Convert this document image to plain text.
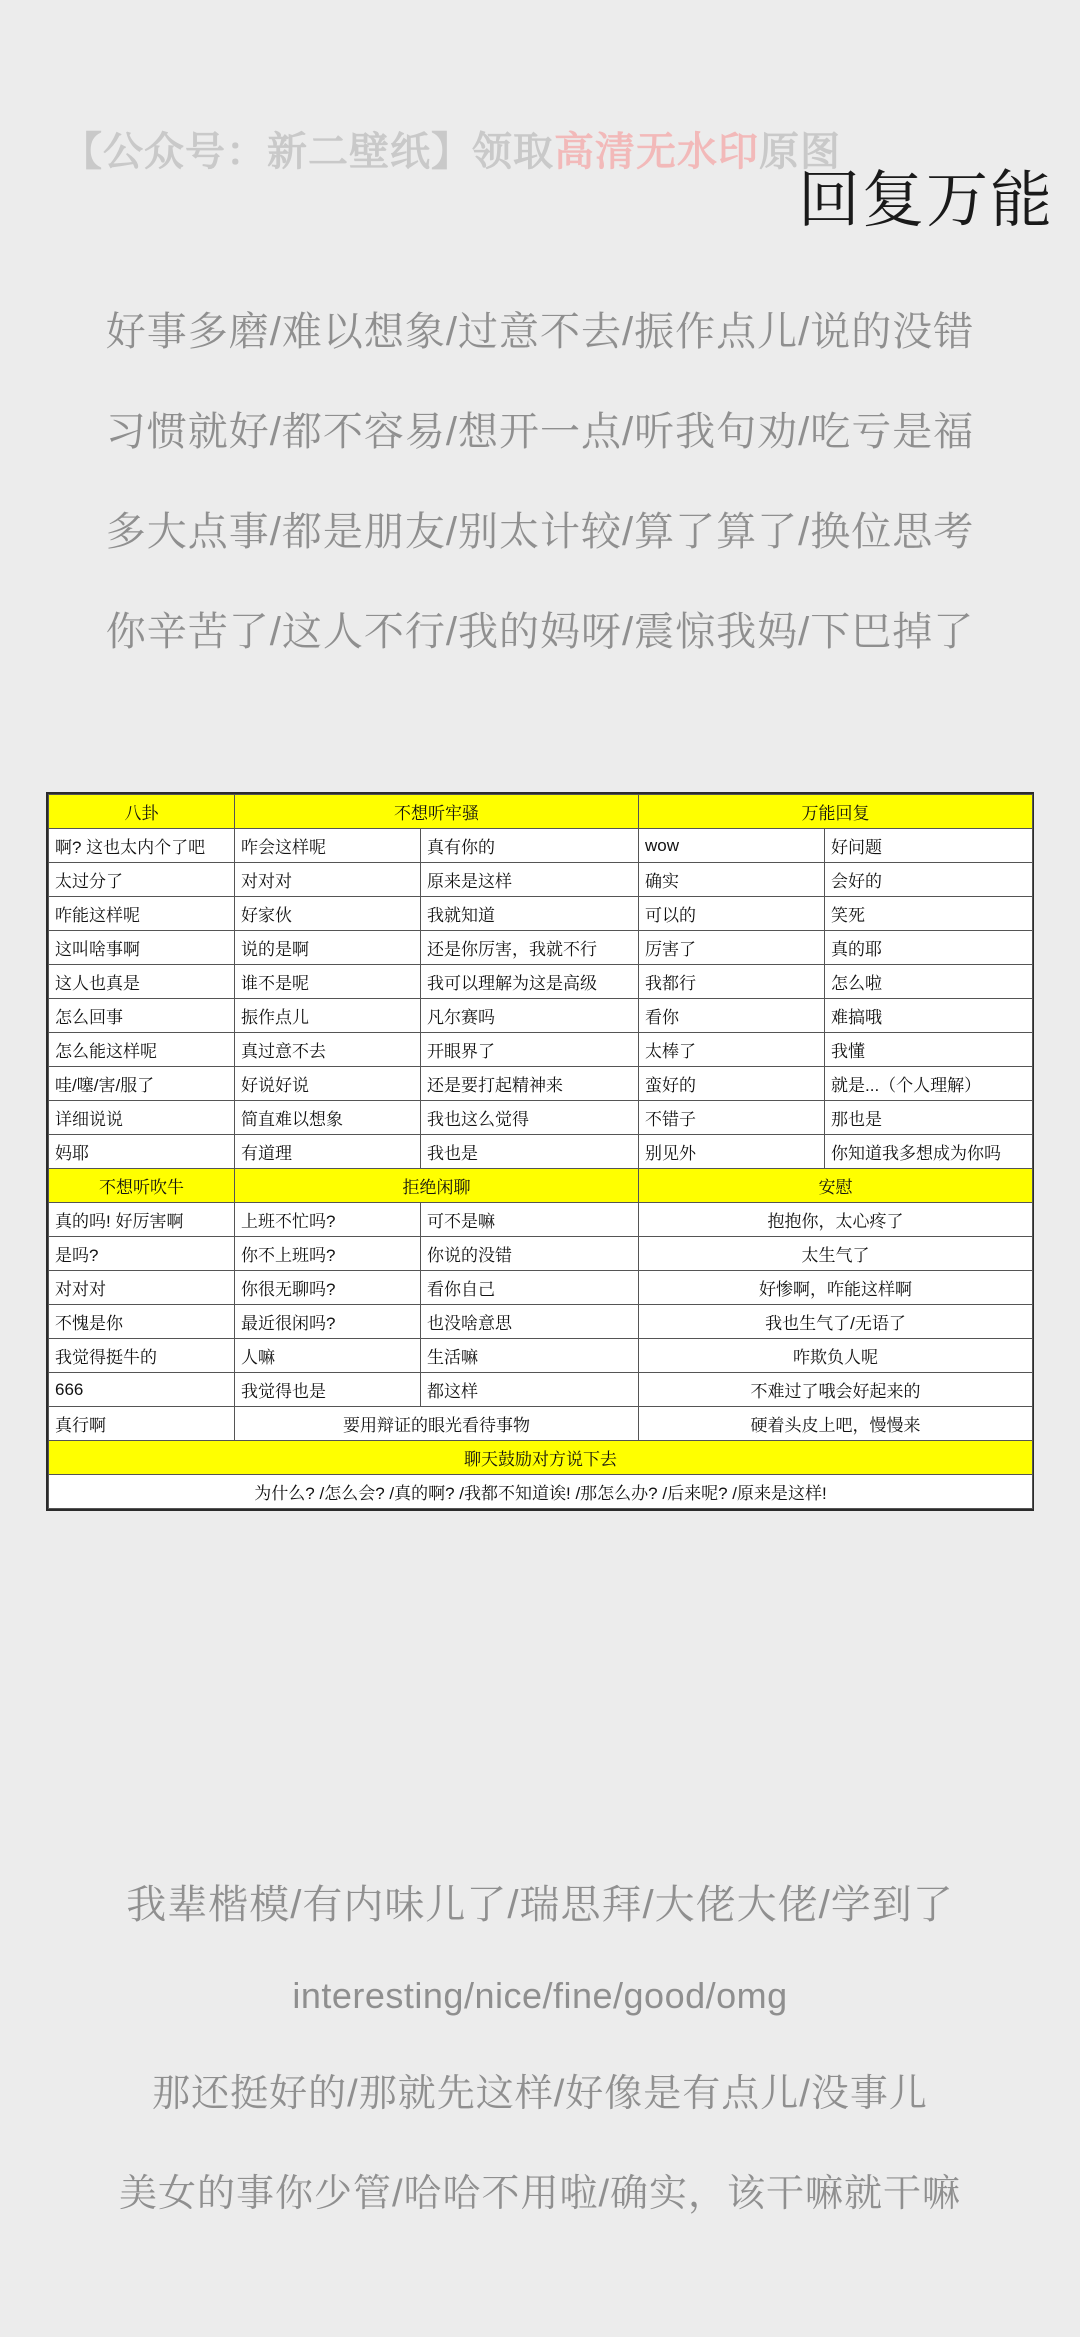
【公众号：新二壁纸】领取高清无水印原图
回复万能
好事多磨/难以想象/过意不去/振作点儿/说的没错
习惯就好/都不容易/想开一点/听我句劝/吃亏是福
多大点事/都是朋友/别太计较/算了算了/换位思考
你辛苦了/这人不行/我的妈呀/震惊我妈/下巴掉了
八卦	不想听牢骚		万能回复	
啊? 这也太内个了吧	咋会这样呢	真有你的	wow	好问题
太过分了	对对对	原来是这样	确实	会好的
咋能这样呢	好家伙	我就知道	可以的	笑死
这叫啥事啊	说的是啊	还是你厉害，我就不行	厉害了	真的耶
这人也真是	谁不是呢	我可以理解为这是高级	我都行	怎么啦
怎么回事	振作点儿	凡尔赛吗	看你	难搞哦
怎么能这样呢	真过意不去	开眼界了	太棒了	我懂
哇/噻/害/服了	好说好说	还是要打起精神来	蛮好的	就是...（个人理解）
详细说说	简直难以想象	我也这么觉得	不错子	那也是
妈耶	有道理	我也是	别见外	你知道我多想成为你吗
不想听吹牛	拒绝闲聊		安慰	
真的吗! 好厉害啊	上班不忙吗?	可不是嘛	抱抱你，太心疼了	
是吗?	你不上班吗?	你说的没错	太生气了	
对对对	你很无聊吗?	看你自己	好惨啊，咋能这样啊	
不愧是你	最近很闲吗?	也没啥意思	我也生气了/无语了	
我觉得挺牛的	人嘛	生活嘛	咋欺负人呢	
666	我觉得也是	都这样	不难过了哦会好起来的	
真行啊	要用辩证的眼光看待事物		硬着头皮上吧，慢慢来	
聊天鼓励对方说下去				
为什么? /怎么会? /真的啊? /我都不知道诶! /那怎么办? /后来呢? /原来是这样!				
我辈楷模/有内味儿了/瑞思拜/大佬大佬/学到了
interesting/nice/fine/good/omg
那还挺好的/那就先这样/好像是有点儿/没事儿
美女的事你少管/哈哈不用啦/确实，该干嘛就干嘛
